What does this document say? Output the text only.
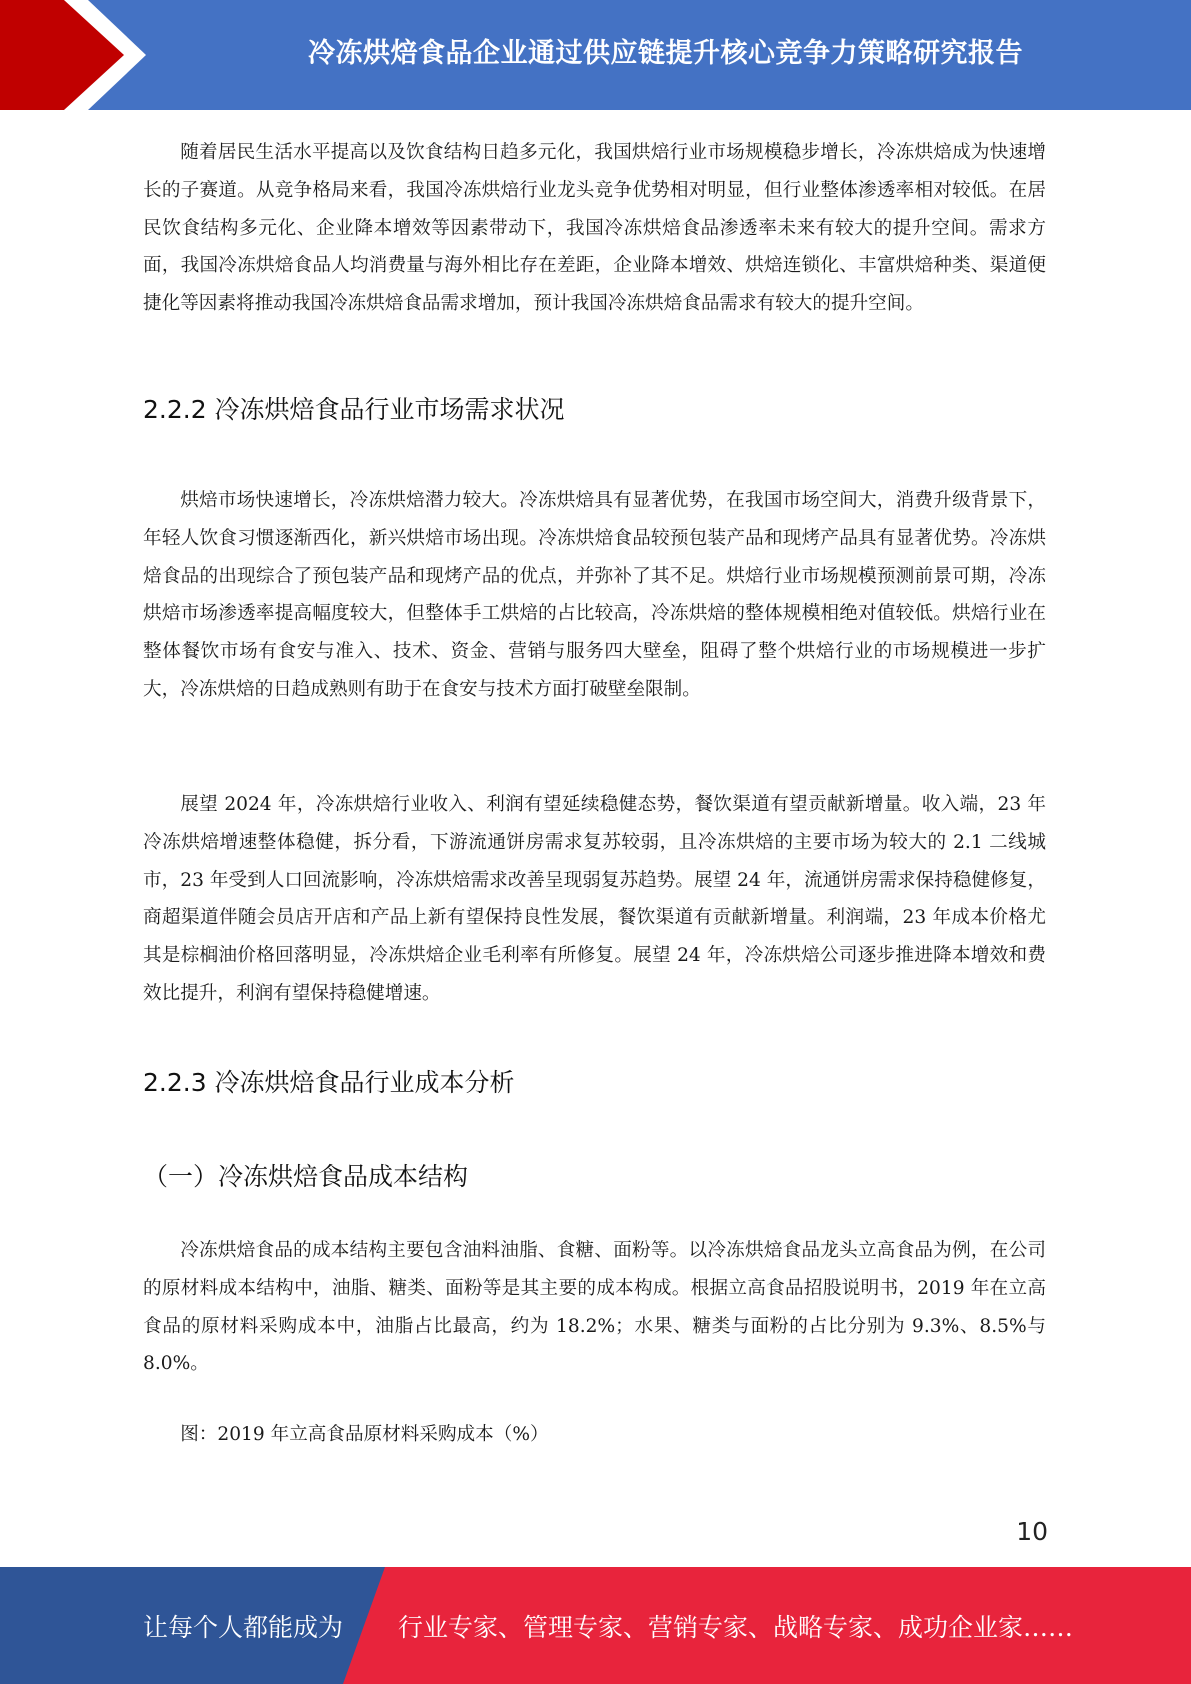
冷冻烘焙食品企业通过供应链提升核心竞争力策略研究报告

随着居民生活水平提高以及饮食结构日趋多元化，我国烘焙行业市场规模稳步增长，冷冻烘焙成为快速增长的子赛道。从竞争格局来看，我国冷冻烘焙行业龙头竞争优势相对明显，但行业整体渗透率相对较低。在居民饮食结构多元化、企业降本增效等因素带动下，我国冷冻烘焙食品渗透率未来有较大的提升空间。需求方面，我国冷冻烘焙食品人均消费量与海外相比存在差距，企业降本增效、烘焙连锁化、丰富烘焙种类、渠道便捷化等因素将推动我国冷冻烘焙食品需求增加，预计我国冷冻烘焙食品需求有较大的提升空间。

2.2.2 冷冻烘焙食品行业市场需求状况

烘焙市场快速增长，冷冻烘焙潜力较大。冷冻烘焙具有显著优势，在我国市场空间大，消费升级背景下，年轻人饮食习惯逐渐西化，新兴烘焙市场出现。冷冻烘焙食品较预包装产品和现烤产品具有显著优势。冷冻烘焙食品的出现综合了预包装产品和现烤产品的优点，并弥补了其不足。烘焙行业市场规模预测前景可期，冷冻烘焙市场渗透率提高幅度较大，但整体手工烘焙的占比较高，冷冻烘焙的整体规模相绝对值较低。烘焙行业在整体餐饮市场有食安与准入、技术、资金、营销与服务四大壁垒，阻碍了整个烘焙行业的市场规模进一步扩大，冷冻烘焙的日趋成熟则有助于在食安与技术方面打破壁垒限制。

展望 2024 年，冷冻烘焙行业收入、利润有望延续稳健态势，餐饮渠道有望贡献新增量。收入端，23 年冷冻烘焙增速整体稳健，拆分看，下游流通饼房需求复苏较弱，且冷冻烘焙的主要市场为较大的 2.1 二线城市，23 年受到人口回流影响，冷冻烘焙需求改善呈现弱复苏趋势。展望 24 年，流通饼房需求保持稳健修复，商超渠道伴随会员店开店和产品上新有望保持良性发展，餐饮渠道有贡献新增量。利润端，23 年成本价格尤其是棕榈油价格回落明显，冷冻烘焙企业毛利率有所修复。展望 24 年，冷冻烘焙公司逐步推进降本增效和费效比提升，利润有望保持稳健增速。

2.2.3 冷冻烘焙食品行业成本分析
（一）冷冻烘焙食品成本结构

冷冻烘焙食品的成本结构主要包含油料油脂、食糖、面粉等。以冷冻烘焙食品龙头立高食品为例，在公司的原材料成本结构中，油脂、糖类、面粉等是其主要的成本构成。根据立高食品招股说明书，2019 年在立高食品的原材料采购成本中，油脂占比最高，约为 18.2%；水果、糖类与面粉的占比分别为 9.3%、8.5%与 8.0%。

图：2019 年立高食品原材料采购成本（%）

10
让每个人都能成为 行业专家、管理专家、营销专家、战略专家、成功企业家……
